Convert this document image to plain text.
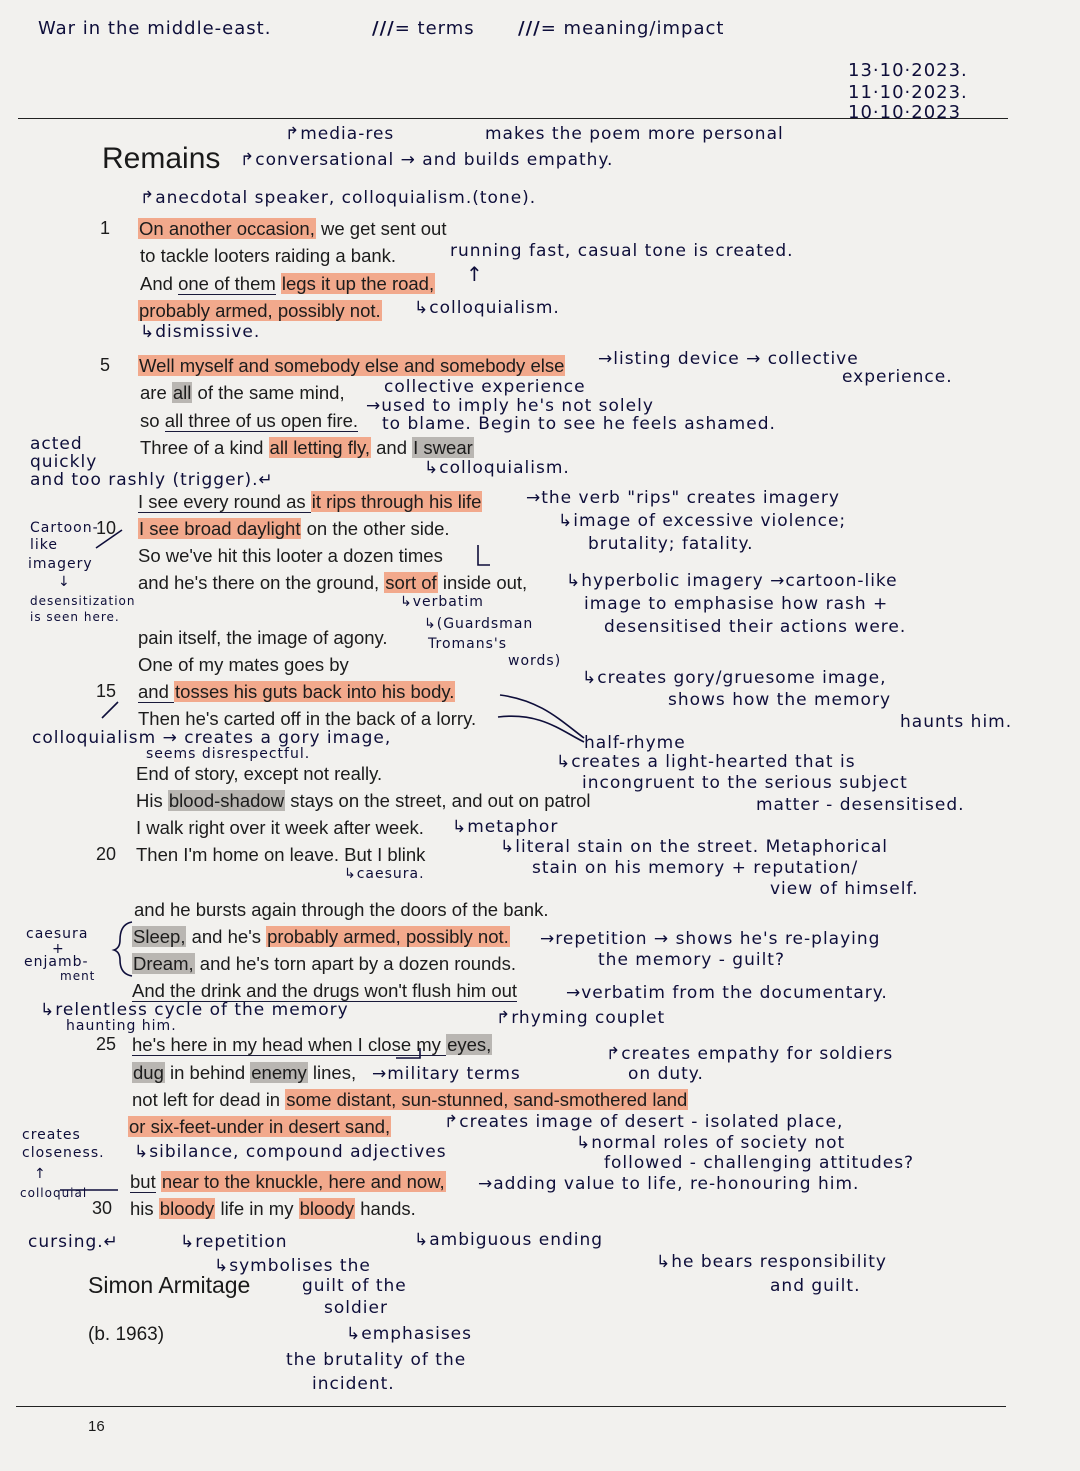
War in the middle-east.	///= terms ///= meaning/impact
13·10·2023.
11·10·2023.
10·10·2023
Remains
↱media-res	makes the poem more personal
↱conversational → and builds empathy.
↱anecdotal speaker, colloquialism.(tone).
1
5
10
15
20
25
30
On another occasion, we get sent out
to tackle looters raiding a bank.
And one of them legs it up the road,
probably armed, possibly not.
Well myself and somebody else and somebody else
are all of the same mind,
so all three of us open fire.
Three of a kind all letting fly, and I swear
I see every round as it rips through his life
I see broad daylight on the other side.
So we've hit this looter a dozen times
and he's there on the ground, sort of inside out,
pain itself, the image of agony.
One of my mates goes by
and tosses his guts back into his body.
Then he's carted off in the back of a lorry.
End of story, except not really.
His blood-shadow stays on the street, and out on patrol
I walk right over it week after week.
Then I'm home on leave. But I blink
and he bursts again through the doors of the bank.
Sleep, and he's probably armed, possibly not.
Dream, and he's torn apart by a dozen rounds.
And the drink and the drugs won't flush him out
he's here in my head when I close my eyes,
dug in behind enemy lines,
not left for dead in some distant, sun-stunned, sand-smothered land
or six-feet-under in desert sand,
but near to the knuckle, here and now,
his bloody life in my bloody hands.
running fast, casual tone is created.
↑
↳colloquialism.
↳dismissive.
→listing device → collective
experience.
collective experience
→used to imply he's not solely
to blame. Begin to see he feels ashamed.
acted
quickly
and too rashly (trigger).↵
↳colloquialism.
→the verb "rips" creates imagery
↳image of excessive violence;
brutality; fatality.
Cartoon-
like
imagery
↓
desensitization
is seen here.
↳hyperbolic imagery →cartoon-like
image to emphasise how rash +
desensitised their actions were.
↳verbatim
↳(Guardsman
Tromans's
words)
↳creates gory/gruesome image,
shows how the memory
haunts him.
colloquialism → creates a gory image,
seems disrespectful.
half-rhyme
↳creates a light-hearted that is
incongruent to the serious subject
matter - desensitised.
↳metaphor
↳literal stain on the street. Metaphorical
stain on his memory + reputation/
view of himself.
↳caesura.
caesura
+
enjamb-
ment
→repetition → shows he's re-playing
the memory - guilt?
→verbatim from the documentary.
↳relentless cycle of the memory
haunting him.	↱rhyming couplet
↱creates empathy for soldiers
on duty.
→military terms
creates
closeness. ↳sibilance, compound adjectives
↱creates image of desert - isolated place,
↳normal roles of society not
followed - challenging attitudes?
↑
colloquial	→adding value to life, re-honouring him.
cursing.↵	↳repetition	↳ambiguous ending
↳he bears responsibility
and guilt.
↳symbolises the
guilt of the
soldier
↳emphasises
the brutality of the
incident.
Simon Armitage
(b. 1963)
16
